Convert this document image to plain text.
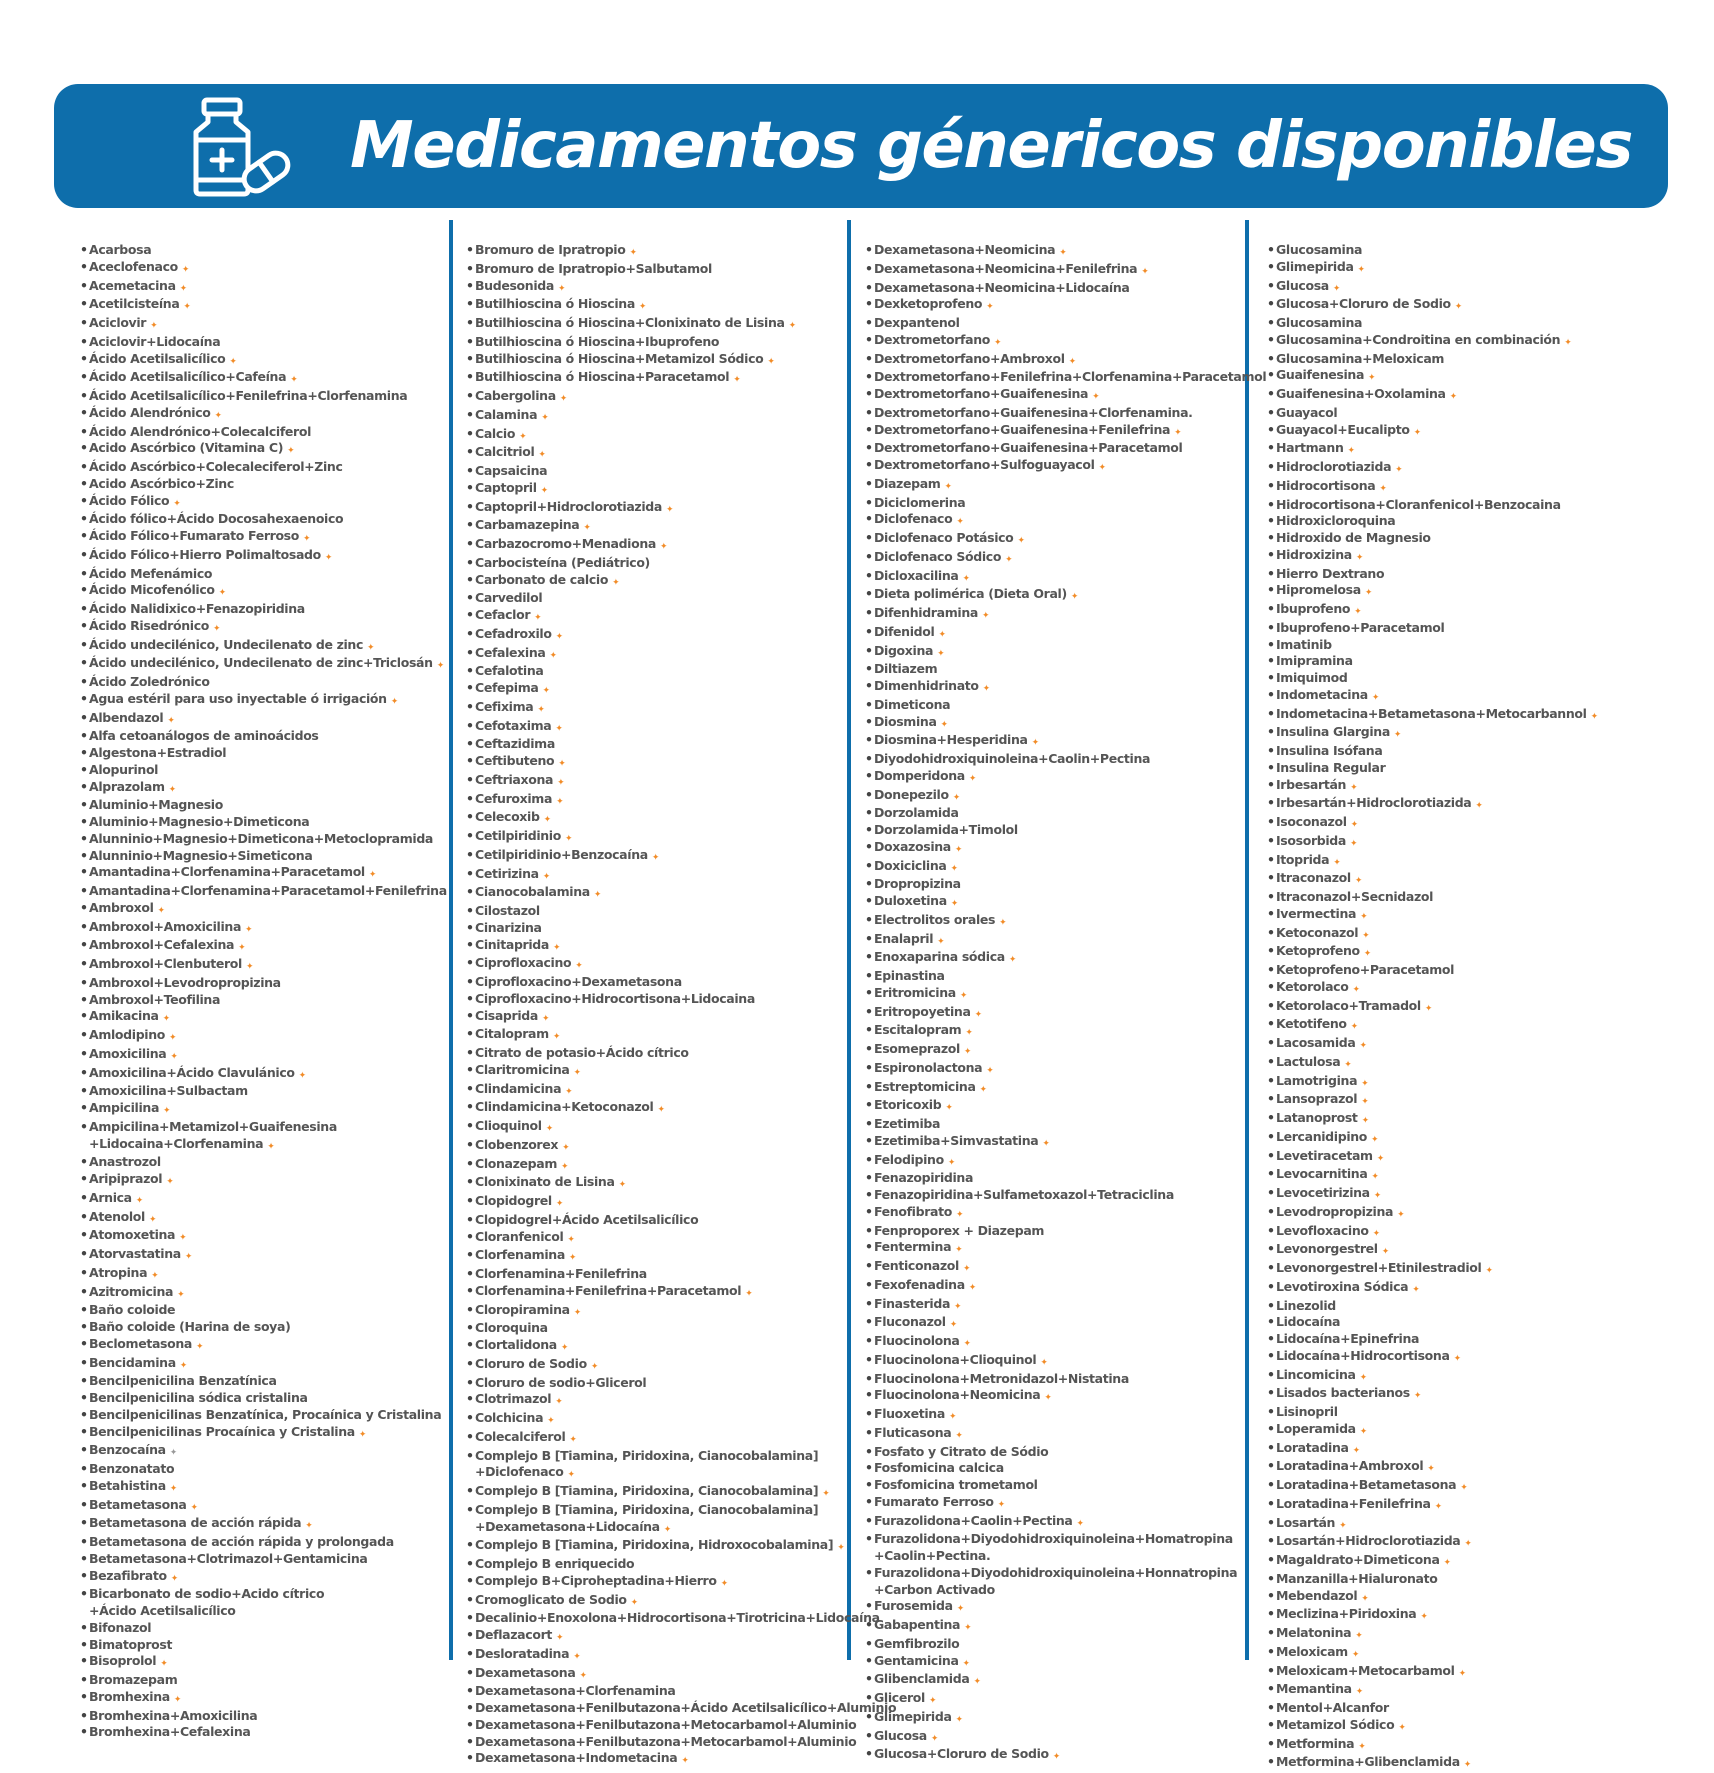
Medicamentos génericos disponibles
• Acarbosa
• Aceclofenaco ✦
• Acemetacina ✦
• Acetilcisteína ✦
• Aciclovir ✦
• Aciclovir+Lidocaína
• Ácido Acetilsalicílico ✦
• Ácido Acetilsalicílico+Cafeína ✦
• Ácido Acetilsalicílico+Fenilefrina+Clorfenamina
• Ácido Alendrónico ✦
• Ácido Alendrónico+Colecalciferol
• Acido Ascórbico (Vitamina C) ✦
• Ácido Ascórbico+Colecaleciferol+Zinc
• Acido Ascórbico+Zinc
• Ácido Fólico ✦
• Ácido fólico+Ácido Docosahexaenoico
• Ácido Fólico+Fumarato Ferroso ✦
• Ácido Fólico+Hierro Polimaltosado ✦
• Ácido Mefenámico
• Ácido Micofenólico ✦
• Ácido Nalidixico+Fenazopiridina
• Ácido Risedrónico ✦
• Ácido undecilénico, Undecilenato de zinc ✦
• Ácido undecilénico, Undecilenato de zinc+Triclosán ✦
• Ácido Zoledrónico
• Agua estéril para uso inyectable ó irrigación ✦
• Albendazol ✦
• Alfa cetoanálogos de aminoácidos
• Algestona+Estradiol
• Alopurinol
• Alprazolam ✦
• Aluminio+Magnesio
• Aluminio+Magnesio+Dimeticona
• Alunninio+Magnesio+Dimeticona+Metoclopramida
• Alunninio+Magnesio+Simeticona
• Amantadina+Clorfenamina+Paracetamol ✦
• Amantadina+Clorfenamina+Paracetamol+Fenilefrina
• Ambroxol ✦
• Ambroxol+Amoxicilina ✦
• Ambroxol+Cefalexina ✦
• Ambroxol+Clenbuterol ✦
• Ambroxol+Levodropropizina
• Ambroxol+Teofilina
• Amikacina ✦
• Amlodipino ✦
• Amoxicilina ✦
• Amoxicilina+Ácido Clavulánico ✦
• Amoxicilina+Sulbactam
• Ampicilina ✦
• Ampicilina+Metamizol+Guaifenesina
+Lidocaina+Clorfenamina ✦
• Anastrozol
• Aripiprazol ✦
• Arnica ✦
• Atenolol ✦
• Atomoxetina ✦
• Atorvastatina ✦
• Atropina ✦
• Azitromicina ✦
• Baño coloide
• Baño coloide (Harina de soya)
• Beclometasona ✦
• Bencidamina ✦
• Bencilpenicilina Benzatínica
• Bencilpenicilina sódica cristalina
• Bencilpenicilinas Benzatínica, Procaínica y Cristalina
• Bencilpenicilinas Procaínica y Cristalina ✦
• Benzocaína ✦
• Benzonatato
• Betahistina ✦
• Betametasona ✦
• Betametasona de acción rápida ✦
• Betametasona de acción rápida y prolongada
• Betametasona+Clotrimazol+Gentamicina
• Bezafibrato ✦
• Bicarbonato de sodio+Acido cítrico
+Ácido Acetilsalicílico
• Bifonazol
• Bimatoprost
• Bisoprolol ✦
• Bromazepam
• Bromhexina ✦
• Bromhexina+Amoxicilina
• Bromhexina+Cefalexina
• Bromuro de Ipratropio ✦
• Bromuro de Ipratropio+Salbutamol
• Budesonida ✦
• Butilhioscina ó Hioscina ✦
• Butilhioscina ó Hioscina+Clonixinato de Lisina ✦
• Butilhioscina ó Hioscina+Ibuprofeno
• Butilhioscina ó Hioscina+Metamizol Sódico ✦
• Butilhioscina ó Hioscina+Paracetamol ✦
• Cabergolina ✦
• Calamina ✦
• Calcio ✦
• Calcitriol ✦
• Capsaicina
• Captopril ✦
• Captopril+Hidroclorotiazida ✦
• Carbamazepina ✦
• Carbazocromo+Menadiona ✦
• Carbocisteína (Pediátrico)
• Carbonato de calcio ✦
• Carvedilol
• Cefaclor ✦
• Cefadroxilo ✦
• Cefalexina ✦
• Cefalotina
• Cefepima ✦
• Cefixima ✦
• Cefotaxima ✦
• Ceftazidima
• Ceftibuteno ✦
• Ceftriaxona ✦
• Cefuroxima ✦
• Celecoxib ✦
• Cetilpiridinio ✦
• Cetilpiridinio+Benzocaína ✦
• Cetirizina ✦
• Cianocobalamina ✦
• Cilostazol
• Cinarizina
• Cinitaprida ✦
• Ciprofloxacino ✦
• Ciprofloxacino+Dexametasona
• Ciprofloxacino+Hidrocortisona+Lidocaina
• Cisaprida ✦
• Citalopram ✦
• Citrato de potasio+Ácido cítrico
• Claritromicina ✦
• Clindamicina ✦
• Clindamicina+Ketoconazol ✦
• Clioquinol ✦
• Clobenzorex ✦
• Clonazepam ✦
• Clonixinato de Lisina ✦
• Clopidogrel ✦
• Clopidogrel+Ácido Acetilsalicílico
• Cloranfenicol ✦
• Clorfenamina ✦
• Clorfenamina+Fenilefrina
• Clorfenamina+Fenilefrina+Paracetamol ✦
• Cloropiramina ✦
• Cloroquina
• Clortalidona ✦
• Cloruro de Sodio ✦
• Cloruro de sodio+Glicerol
• Clotrimazol ✦
• Colchicina ✦
• Colecalciferol ✦
• Complejo B [Tiamina, Piridoxina, Cianocobalamina]
+Diclofenaco ✦
• Complejo B [Tiamina, Piridoxina, Cianocobalamina] ✦
• Complejo B [Tiamina, Piridoxina, Cianocobalamina]
+Dexametasona+Lidocaína ✦
• Complejo B [Tiamina, Piridoxina, Hidroxocobalamina] ✦
• Complejo B enriquecido
• Complejo B+Ciproheptadina+Hierro ✦
• Cromoglicato de Sodio ✦
• Decalinio+Enoxolona+Hidrocortisona+Tirotricina+Lidocaína
• Deflazacort ✦
• Desloratadina ✦
• Dexametasona ✦
• Dexametasona+Clorfenamina
• Dexametasona+Fenilbutazona+Ácido Acetilsalicílico+Aluminio
• Dexametasona+Fenilbutazona+Metocarbamol+Aluminio
• Dexametasona+Fenilbutazona+Metocarbamol+Aluminio
• Dexametasona+Indometacina ✦
• Dexametasona+Neomicina ✦
• Dexametasona+Neomicina+Fenilefrina ✦
• Dexametasona+Neomicina+Lidocaína
• Dexketoprofeno ✦
• Dexpantenol
• Dextrometorfano ✦
• Dextrometorfano+Ambroxol ✦
• Dextrometorfano+Fenilefrina+Clorfenamina+Paracetamol
• Dextrometorfano+Guaifenesina ✦
• Dextrometorfano+Guaifenesina+Clorfenamina.
• Dextrometorfano+Guaifenesina+Fenilefrina ✦
• Dextrometorfano+Guaifenesina+Paracetamol
• Dextrometorfano+Sulfoguayacol ✦
• Diazepam ✦
• Diciclomerina
• Diclofenaco ✦
• Diclofenaco Potásico ✦
• Diclofenaco Sódico ✦
• Dicloxacilina ✦
• Dieta polimérica (Dieta Oral) ✦
• Difenhidramina ✦
• Difenidol ✦
• Digoxina ✦
• Diltiazem
• Dimenhidrinato ✦
• Dimeticona
• Diosmina ✦
• Diosmina+Hesperidina ✦
• Diyodohidroxiquinoleina+Caolin+Pectina
• Domperidona ✦
• Donepezilo ✦
• Dorzolamida
• Dorzolamida+Timolol
• Doxazosina ✦
• Doxiciclina ✦
• Dropropizina
• Duloxetina ✦
• Electrolitos orales ✦
• Enalapril ✦
• Enoxaparina sódica ✦
• Epinastina
• Eritromicina ✦
• Eritropoyetina ✦
• Escitalopram ✦
• Esomeprazol ✦
• Espironolactona ✦
• Estreptomicina ✦
• Etoricoxib ✦
• Ezetimiba
• Ezetimiba+Simvastatina ✦
• Felodipino ✦
• Fenazopiridina
• Fenazopiridina+Sulfametoxazol+Tetraciclina
• Fenofibrato ✦
• Fenproporex + Diazepam
• Fentermina ✦
• Fenticonazol ✦
• Fexofenadina ✦
• Finasterida ✦
• Fluconazol ✦
• Fluocinolona ✦
• Fluocinolona+Clioquinol ✦
• Fluocinolona+Metronidazol+Nistatina
• Fluocinolona+Neomicina ✦
• Fluoxetina ✦
• Fluticasona ✦
• Fosfato y Citrato de Sódio
• Fosfomicina calcica
• Fosfomicina trometamol
• Fumarato Ferroso ✦
• Furazolidona+Caolin+Pectina ✦
• Furazolidona+Diyodohidroxiquinoleina+Homatropina
+Caolin+Pectina.
• Furazolidona+Diyodohidroxiquinoleina+Honnatropina
+Carbon Activado
• Furosemida ✦
• Gabapentina ✦
• Gemfibrozilo
• Gentamicina ✦
• Glibenclamida ✦
• Glicerol ✦
• Glimepirida ✦
• Glucosa ✦
• Glucosa+Cloruro de Sodio ✦
• Glucosamina
• Glimepirida ✦
• Glucosa ✦
• Glucosa+Cloruro de Sodio ✦
• Glucosamina
• Glucosamina+Condroitina en combinación ✦
• Glucosamina+Meloxicam
• Guaifenesina ✦
• Guaifenesina+Oxolamina ✦
• Guayacol
• Guayacol+Eucalipto ✦
• Hartmann ✦
• Hidroclorotiazida ✦
• Hidrocortisona ✦
• Hidrocortisona+Cloranfenicol+Benzocaina
• Hidroxicloroquina
• Hidroxido de Magnesio
• Hidroxizina ✦
• Hierro Dextrano
• Hipromelosa ✦
• Ibuprofeno ✦
• Ibuprofeno+Paracetamol
• Imatinib
• Imipramina
• Imiquimod
• Indometacina ✦
• Indometacina+Betametasona+Metocarbannol ✦
• Insulina Glargina ✦
• Insulina Isófana
• Insulina Regular
• Irbesartán ✦
• Irbesartán+Hidroclorotiazida ✦
• Isoconazol ✦
• Isosorbida ✦
• Itoprida ✦
• Itraconazol ✦
• Itraconazol+Secnidazol
• Ivermectina ✦
• Ketoconazol ✦
• Ketoprofeno ✦
• Ketoprofeno+Paracetamol
• Ketorolaco ✦
• Ketorolaco+Tramadol ✦
• Ketotifeno ✦
• Lacosamida ✦
• Lactulosa ✦
• Lamotrigina ✦
• Lansoprazol ✦
• Latanoprost ✦
• Lercanidipino ✦
• Levetiracetam ✦
• Levocarnitina ✦
• Levocetirizina ✦
• Levodropropizina ✦
• Levofloxacino ✦
• Levonorgestrel ✦
• Levonorgestrel+Etinilestradiol ✦
• Levotiroxina Sódica ✦
• Linezolid
• Lidocaína
• Lidocaína+Epinefrina
• Lidocaína+Hidrocortisona ✦
• Lincomicina ✦
• Lisados bacterianos ✦
• Lisinopril
• Loperamida ✦
• Loratadina ✦
• Loratadina+Ambroxol ✦
• Loratadina+Betametasona ✦
• Loratadina+Fenilefrina ✦
• Losartán ✦
• Losartán+Hidroclorotiazida ✦
• Magaldrato+Dimeticona ✦
• Manzanilla+Hialuronato
• Mebendazol ✦
• Meclizina+Piridoxina ✦
• Melatonina ✦
• Meloxicam ✦
• Meloxicam+Metocarbamol ✦
• Memantina ✦
• Mentol+Alcanfor
• Metamizol Sódico ✦
• Metformina ✦
• Metformina+Glibenclamida ✦
